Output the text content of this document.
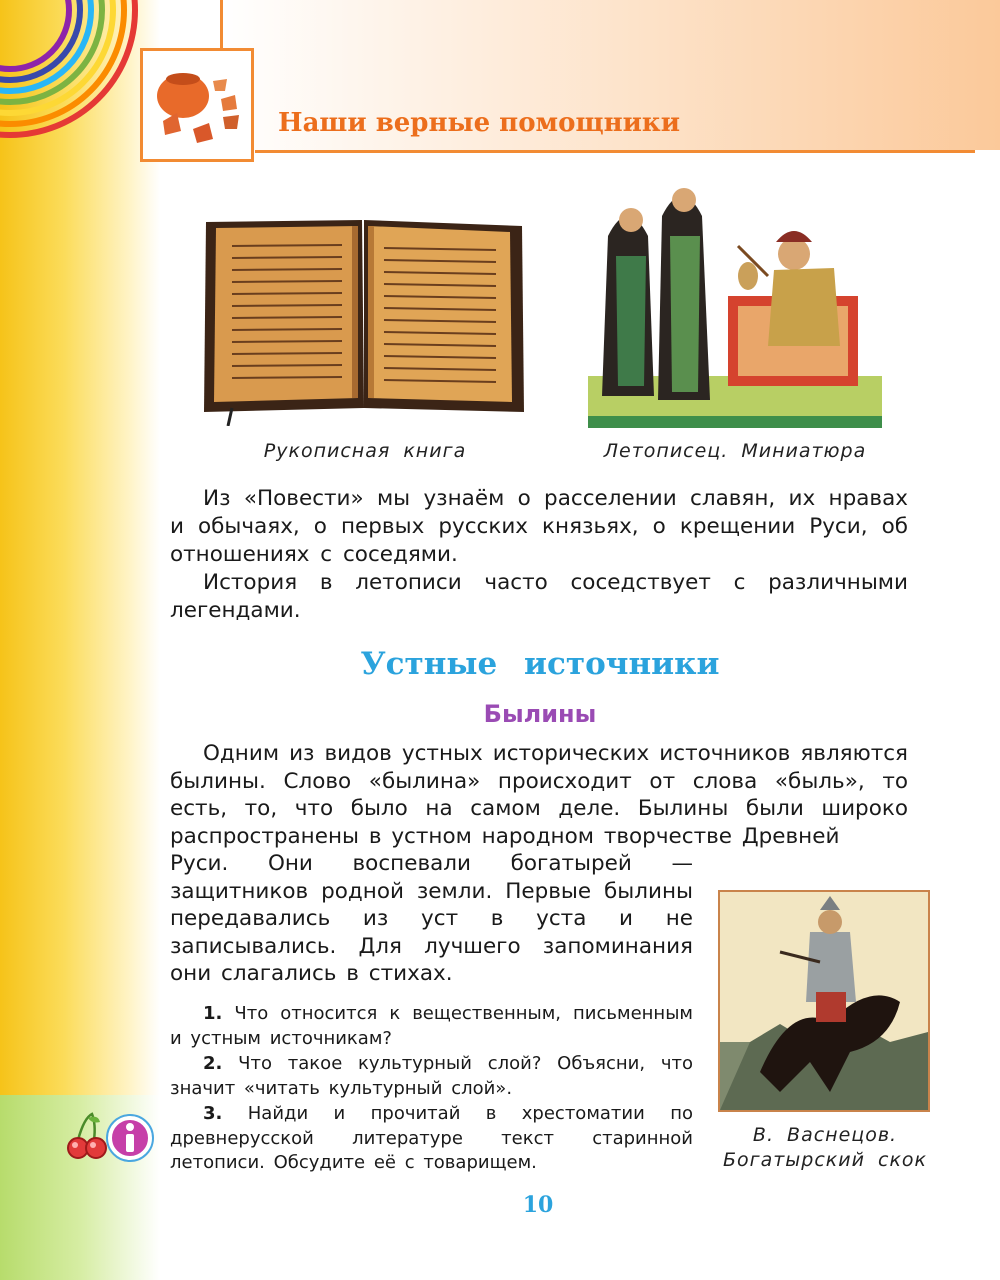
Наши верные помощники
Рукописная книга	Летописец. Миниатюра

Из «Повести» мы узнаём о расселении славян, их нравах и обычаях, о первых русских князьях, о крещении Руси, об отношениях с соседями.

История в летописи часто соседствует с различными легендами.

Устные источники
Былины
Одним из видов устных исторических источников являются былины. Слово «былина» происходит от слова «быль», то есть, то, что было на самом деле. Былины были широко распространены в устном народном творчестве Древней
Руси. Они воспевали богатырей — защитников родной земли. Первые былины передавались из уст в уста и не записывались. Для лучшего запоминания они слагались в стихах.
В. Васнецов.
Богатырский скок

1. Что относится к вещественным, письменным и устным источникам?

2. Что такое культурный слой? Объясни, что значит «читать культурный слой».

3. Найди и прочитай в хрестоматии по древнерусской литературе текст старинной летописи. Обсудите её с товарищем.

10
